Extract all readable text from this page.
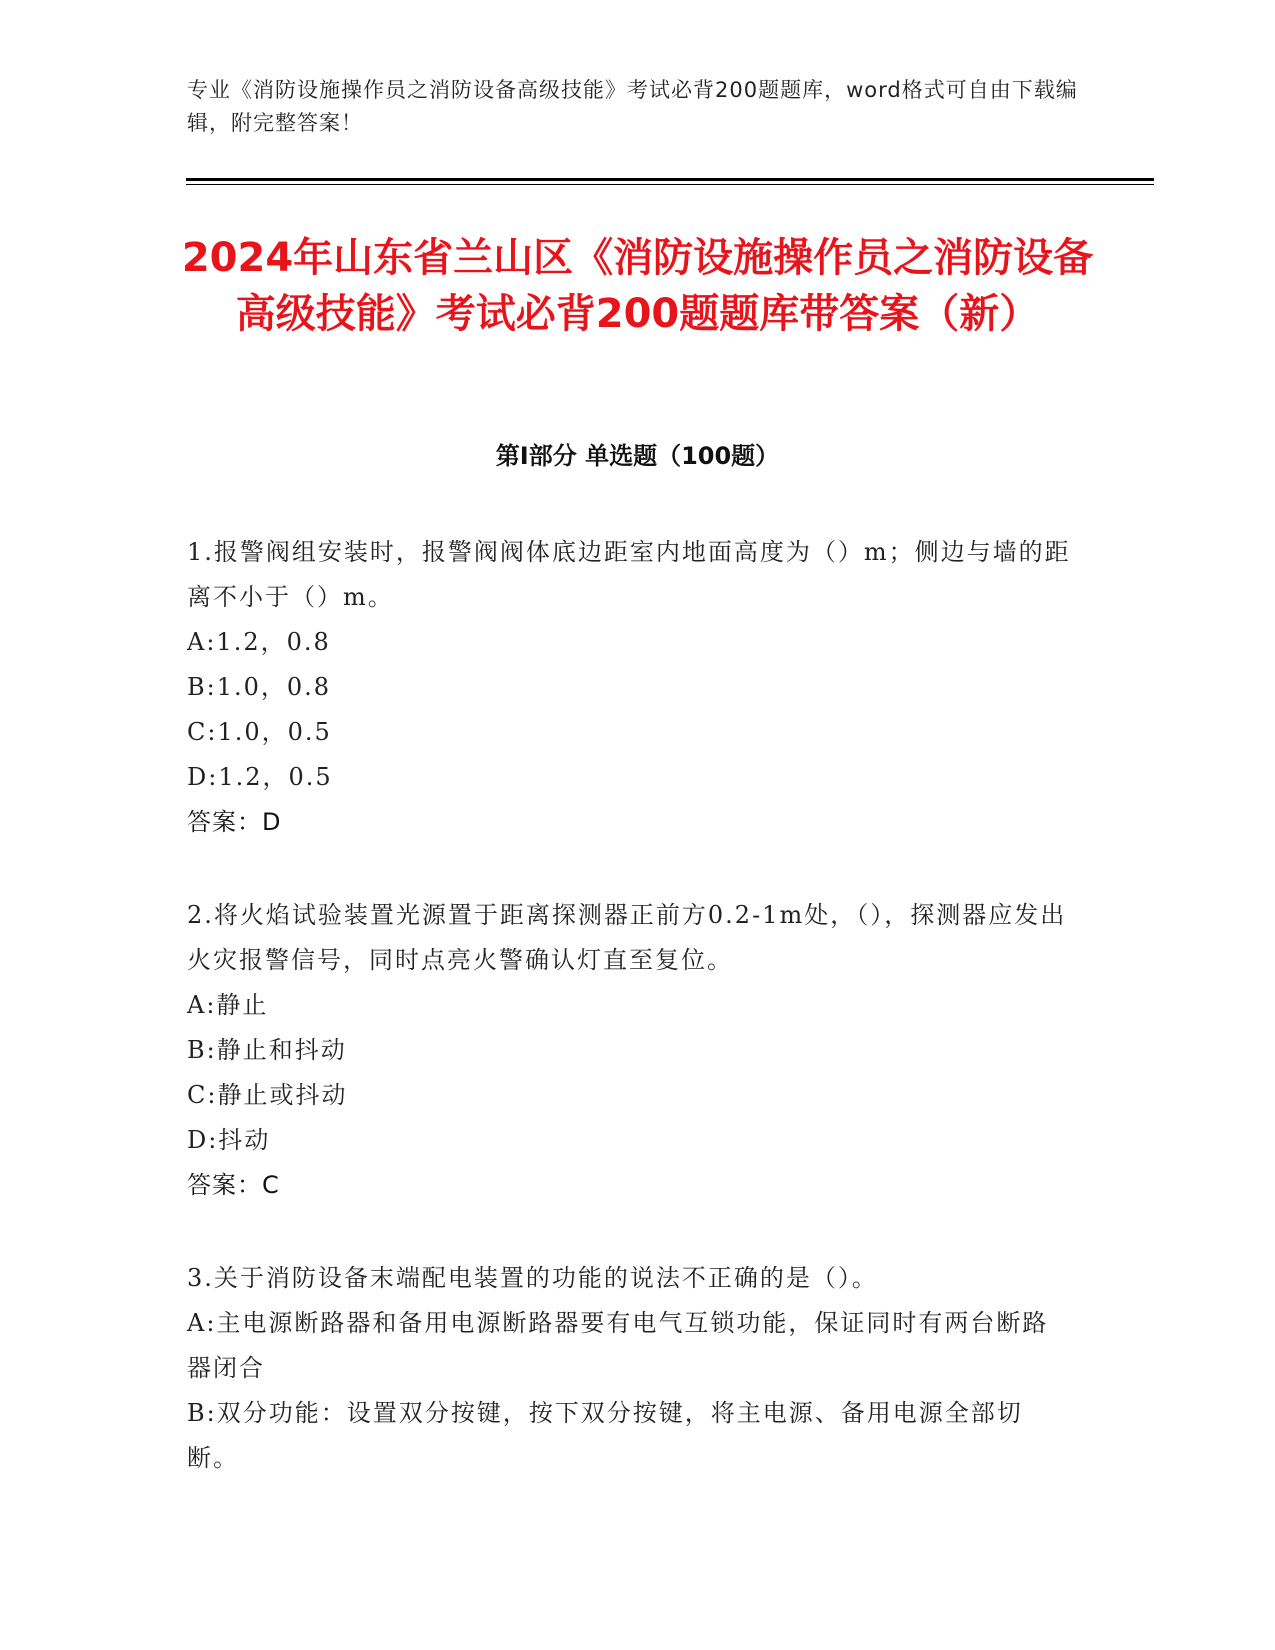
专业《消防设施操作员之消防设备高级技能》考试必背200题题库，word格式可自由下载编辑，附完整答案！
2024年山东省兰山区《消防设施操作员之消防设备高级技能》考试必背200题题库带答案（新）
第I部分 单选题（100题）

1.报警阀组安装时，报警阀阀体底边距室内地面高度为（）m；侧边与墙的距离不小于（）m。

A:1.2，0.8

B:1.0，0.8

C:1.0，0.5

D:1.2，0.5

答案：D

2.将火焰试验装置光源置于距离探测器正前方0.2-1m处，（），探测器应发出火灾报警信号，同时点亮火警确认灯直至复位。

A:静止

B:静止和抖动

C:静止或抖动

D:抖动

答案：C

3.关于消防设备末端配电装置的功能的说法不正确的是（）。

A:主电源断路器和备用电源断路器要有电气互锁功能，保证同时有两台断路器闭合

B:双分功能：设置双分按键，按下双分按键，将主电源、备用电源全部切断。
